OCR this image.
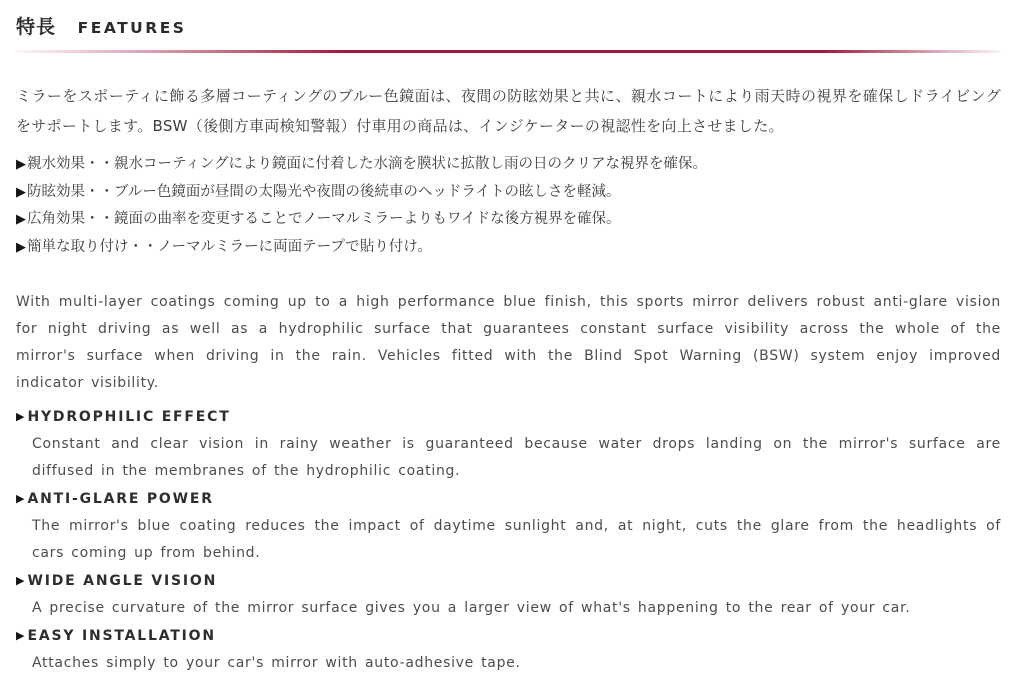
特長 FEATURES

ミラーをスポーティに飾る多層コーティングのブルー色鏡面は、夜間の防眩効果と共に、親水コートにより雨天時の視界を確保しドライビングをサポートします。BSW（後側方車両検知警報）付車用の商品は、インジケーターの視認性を向上させました。

▶親水効果・・親水コーティングにより鏡面に付着した水滴を膜状に拡散し雨の日のクリアな視界を確保。
▶防眩効果・・ブルー色鏡面が昼間の太陽光や夜間の後続車のヘッドライトの眩しさを軽減。
▶広角効果・・鏡面の曲率を変更することでノーマルミラーよりもワイドな後方視界を確保。
▶簡単な取り付け・・ノーマルミラーに両面テープで貼り付け。

With multi-layer coatings coming up to a high performance blue finish, this sports mirror delivers robust anti-glare vision for night driving as well as a hydrophilic surface that guarantees constant surface visibility across the whole of the mirror's surface when driving in the rain. Vehicles fitted with the Blind Spot Warning (BSW) system enjoy improved indicator visibility.

▶ HYDROPHILIC EFFECT

Constant and clear vision in rainy weather is guaranteed because water drops landing on the mirror's surface are diffused in the membranes of the hydrophilic coating.

▶ ANTI-GLARE POWER

The mirror's blue coating reduces the impact of daytime sunlight and, at night, cuts the glare from the headlights of cars coming up from behind.

▶ WIDE ANGLE VISION

A precise curvature of the mirror surface gives you a larger view of what's happening to the rear of your car.

▶ EASY INSTALLATION

Attaches simply to your car's mirror with auto-adhesive tape.
